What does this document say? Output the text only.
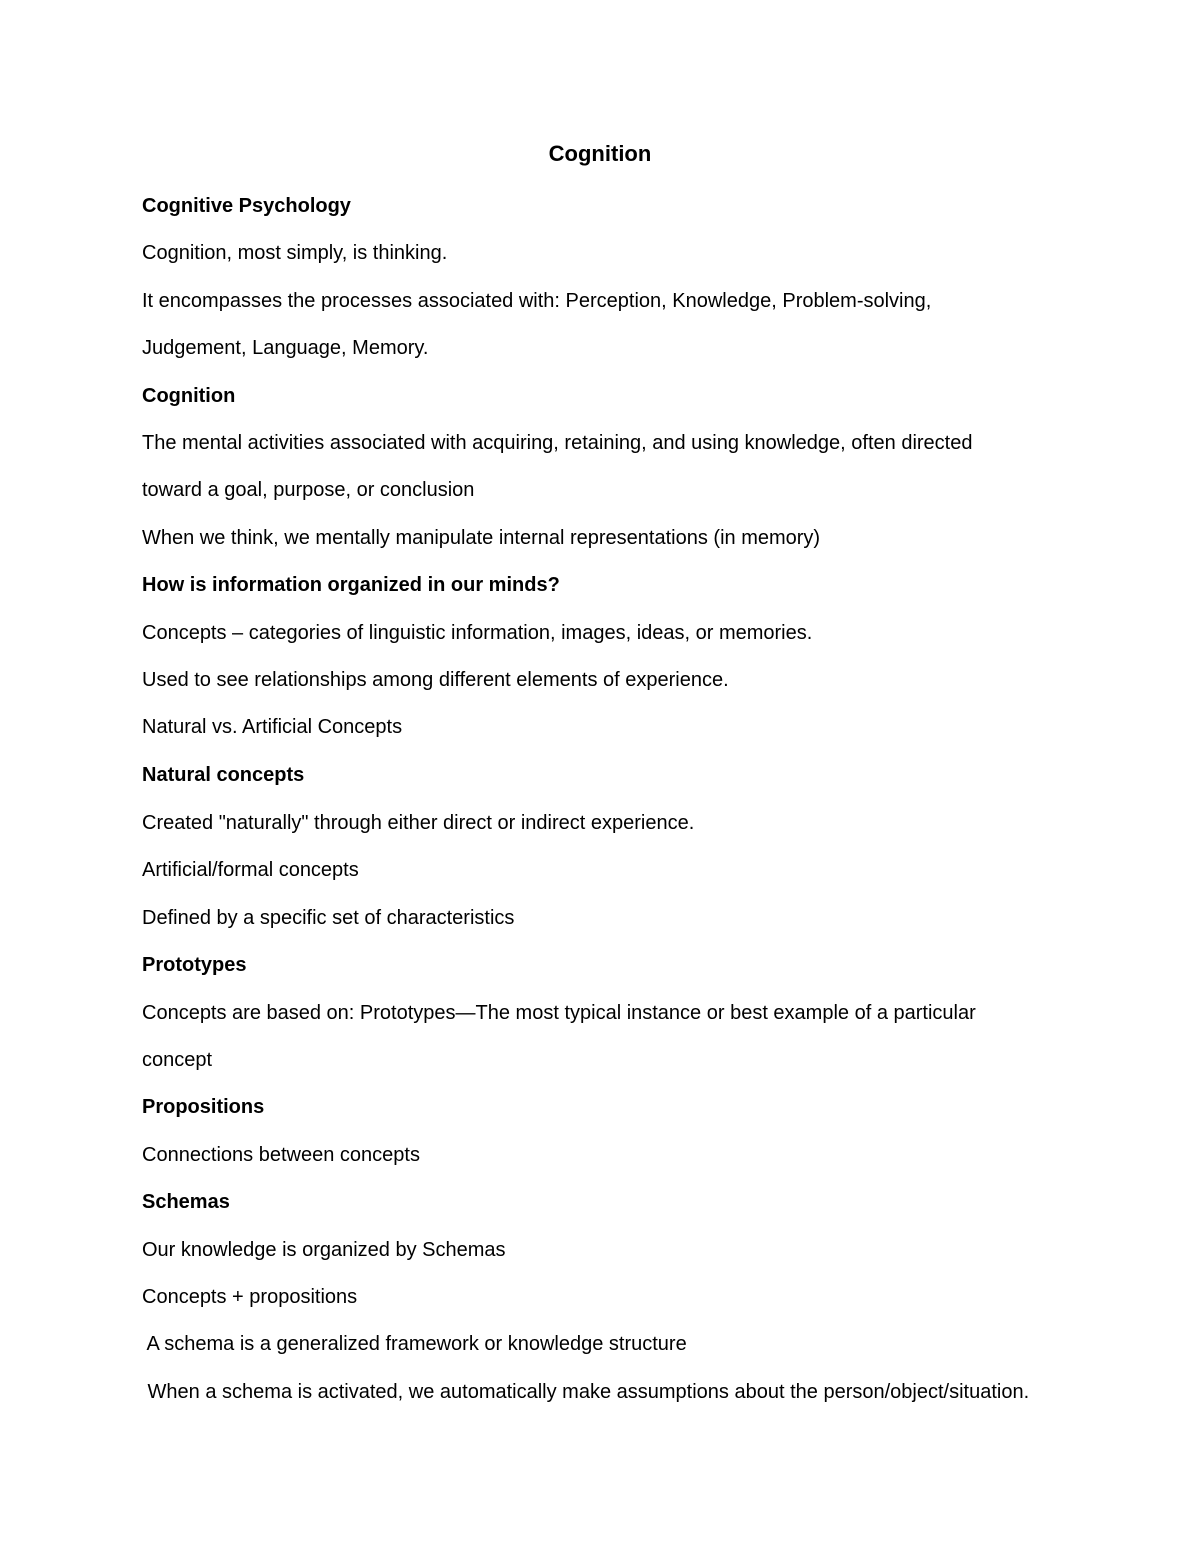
Cognition
Cognitive Psychology
Cognition, most simply, is thinking.
It encompasses the processes associated with: Perception, Knowledge, Problem-solving,
Judgement, Language, Memory.
Cognition
The mental activities associated with acquiring, retaining, and using knowledge, often directed
toward a goal, purpose, or conclusion
When we think, we mentally manipulate internal representations (in memory)
How is information organized in our minds?
Concepts – categories of linguistic information, images, ideas, or memories.
Used to see relationships among different elements of experience.
Natural vs. Artificial Concepts
Natural concepts
Created "naturally" through either direct or indirect experience.
Artificial/formal concepts
Defined by a specific set of characteristics
Prototypes
Concepts are based on: Prototypes—The most typical instance or best example of a particular
concept
Propositions
Connections between concepts
Schemas
Our knowledge is organized by Schemas
Concepts + propositions
A schema is a generalized framework or knowledge structure
When a schema is activated, we automatically make assumptions about the person/object/situation.
